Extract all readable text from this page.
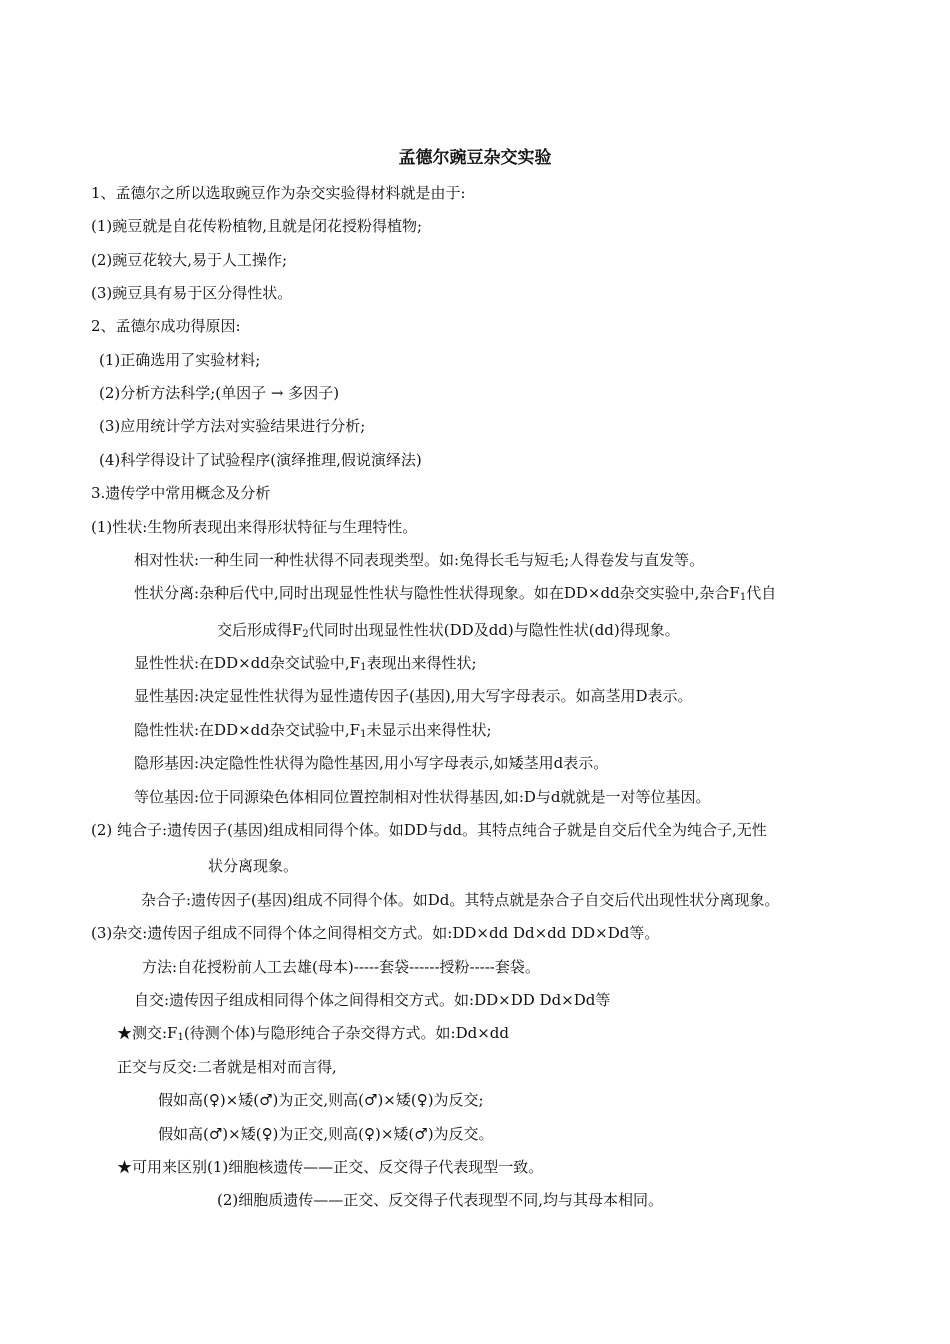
孟德尔豌豆杂交实验
1、孟德尔之所以选取豌豆作为杂交实验得材料就是由于:
(1)豌豆就是自花传粉植物,且就是闭花授粉得植物;
(2)豌豆花较大,易于人工操作;
(3)豌豆具有易于区分得性状。
2、孟德尔成功得原因:
(1)正确选用了实验材料;
(2)分析方法科学;(单因子 → 多因子)
(3)应用统计学方法对实验结果进行分析;
(4)科学得设计了试验程序(演绎推理,假说演绎法)
3.遗传学中常用概念及分析
(1)性状:生物所表现出来得形状特征与生理特性。
相对性状:一种生同一种性状得不同表现类型。如:兔得长毛与短毛;人得卷发与直发等。
性状分离:杂种后代中,同时出现显性性状与隐性性状得现象。如在DD×dd杂交实验中,杂合$F_1$代自
交后形成得$F_2$代同时出现显性性状(DD及dd)与隐性性状(dd)得现象。
显性性状:在DD×dd杂交试验中$,F_1$表现出来得性状;
显性基因:决定显性性状得为显性遗传因子(基因),用大写字母表示。如高茎用D表示。
隐性性状:在DD×dd杂交试验中$,F_1$未显示出来得性状;
隐形基因:决定隐性性状得为隐性基因,用小写字母表示,如矮茎用d表示。
等位基因:位于同源染色体相同位置控制相对性状得基因,如:D与d就就是一对等位基因。
(2) 纯合子:遗传因子(基因)组成相同得个体。如DD与dd。其特点纯合子就是自交后代全为纯合子,无性
状分离现象。
杂合子:遗传因子(基因)组成不同得个体。如Dd。其特点就是杂合子自交后代出现性状分离现象。
(3)杂交:遗传因子组成不同得个体之间得相交方式。如:DD×dd Dd×dd DD×Dd等。
方法:自花授粉前人工去雄(母本)-----套袋------授粉-----套袋。
自交:遗传因子组成相同得个体之间得相交方式。如:DD×DD Dd×Dd等
★测交$:F_1$(待测个体)与隐形纯合子杂交得方式。如:Dd×dd
正交与反交:二者就是相对而言得,
假如高(♀)×矮(♂)为正交,则高(♂)×矮(♀)为反交;
假如高(♂)×矮(♀)为正交,则高(♀)×矮(♂)为反交。
★可用来区别(1)细胞核遗传——正交、反交得子代表现型一致。
(2)细胞质遗传——正交、反交得子代表现型不同,均与其母本相同。
